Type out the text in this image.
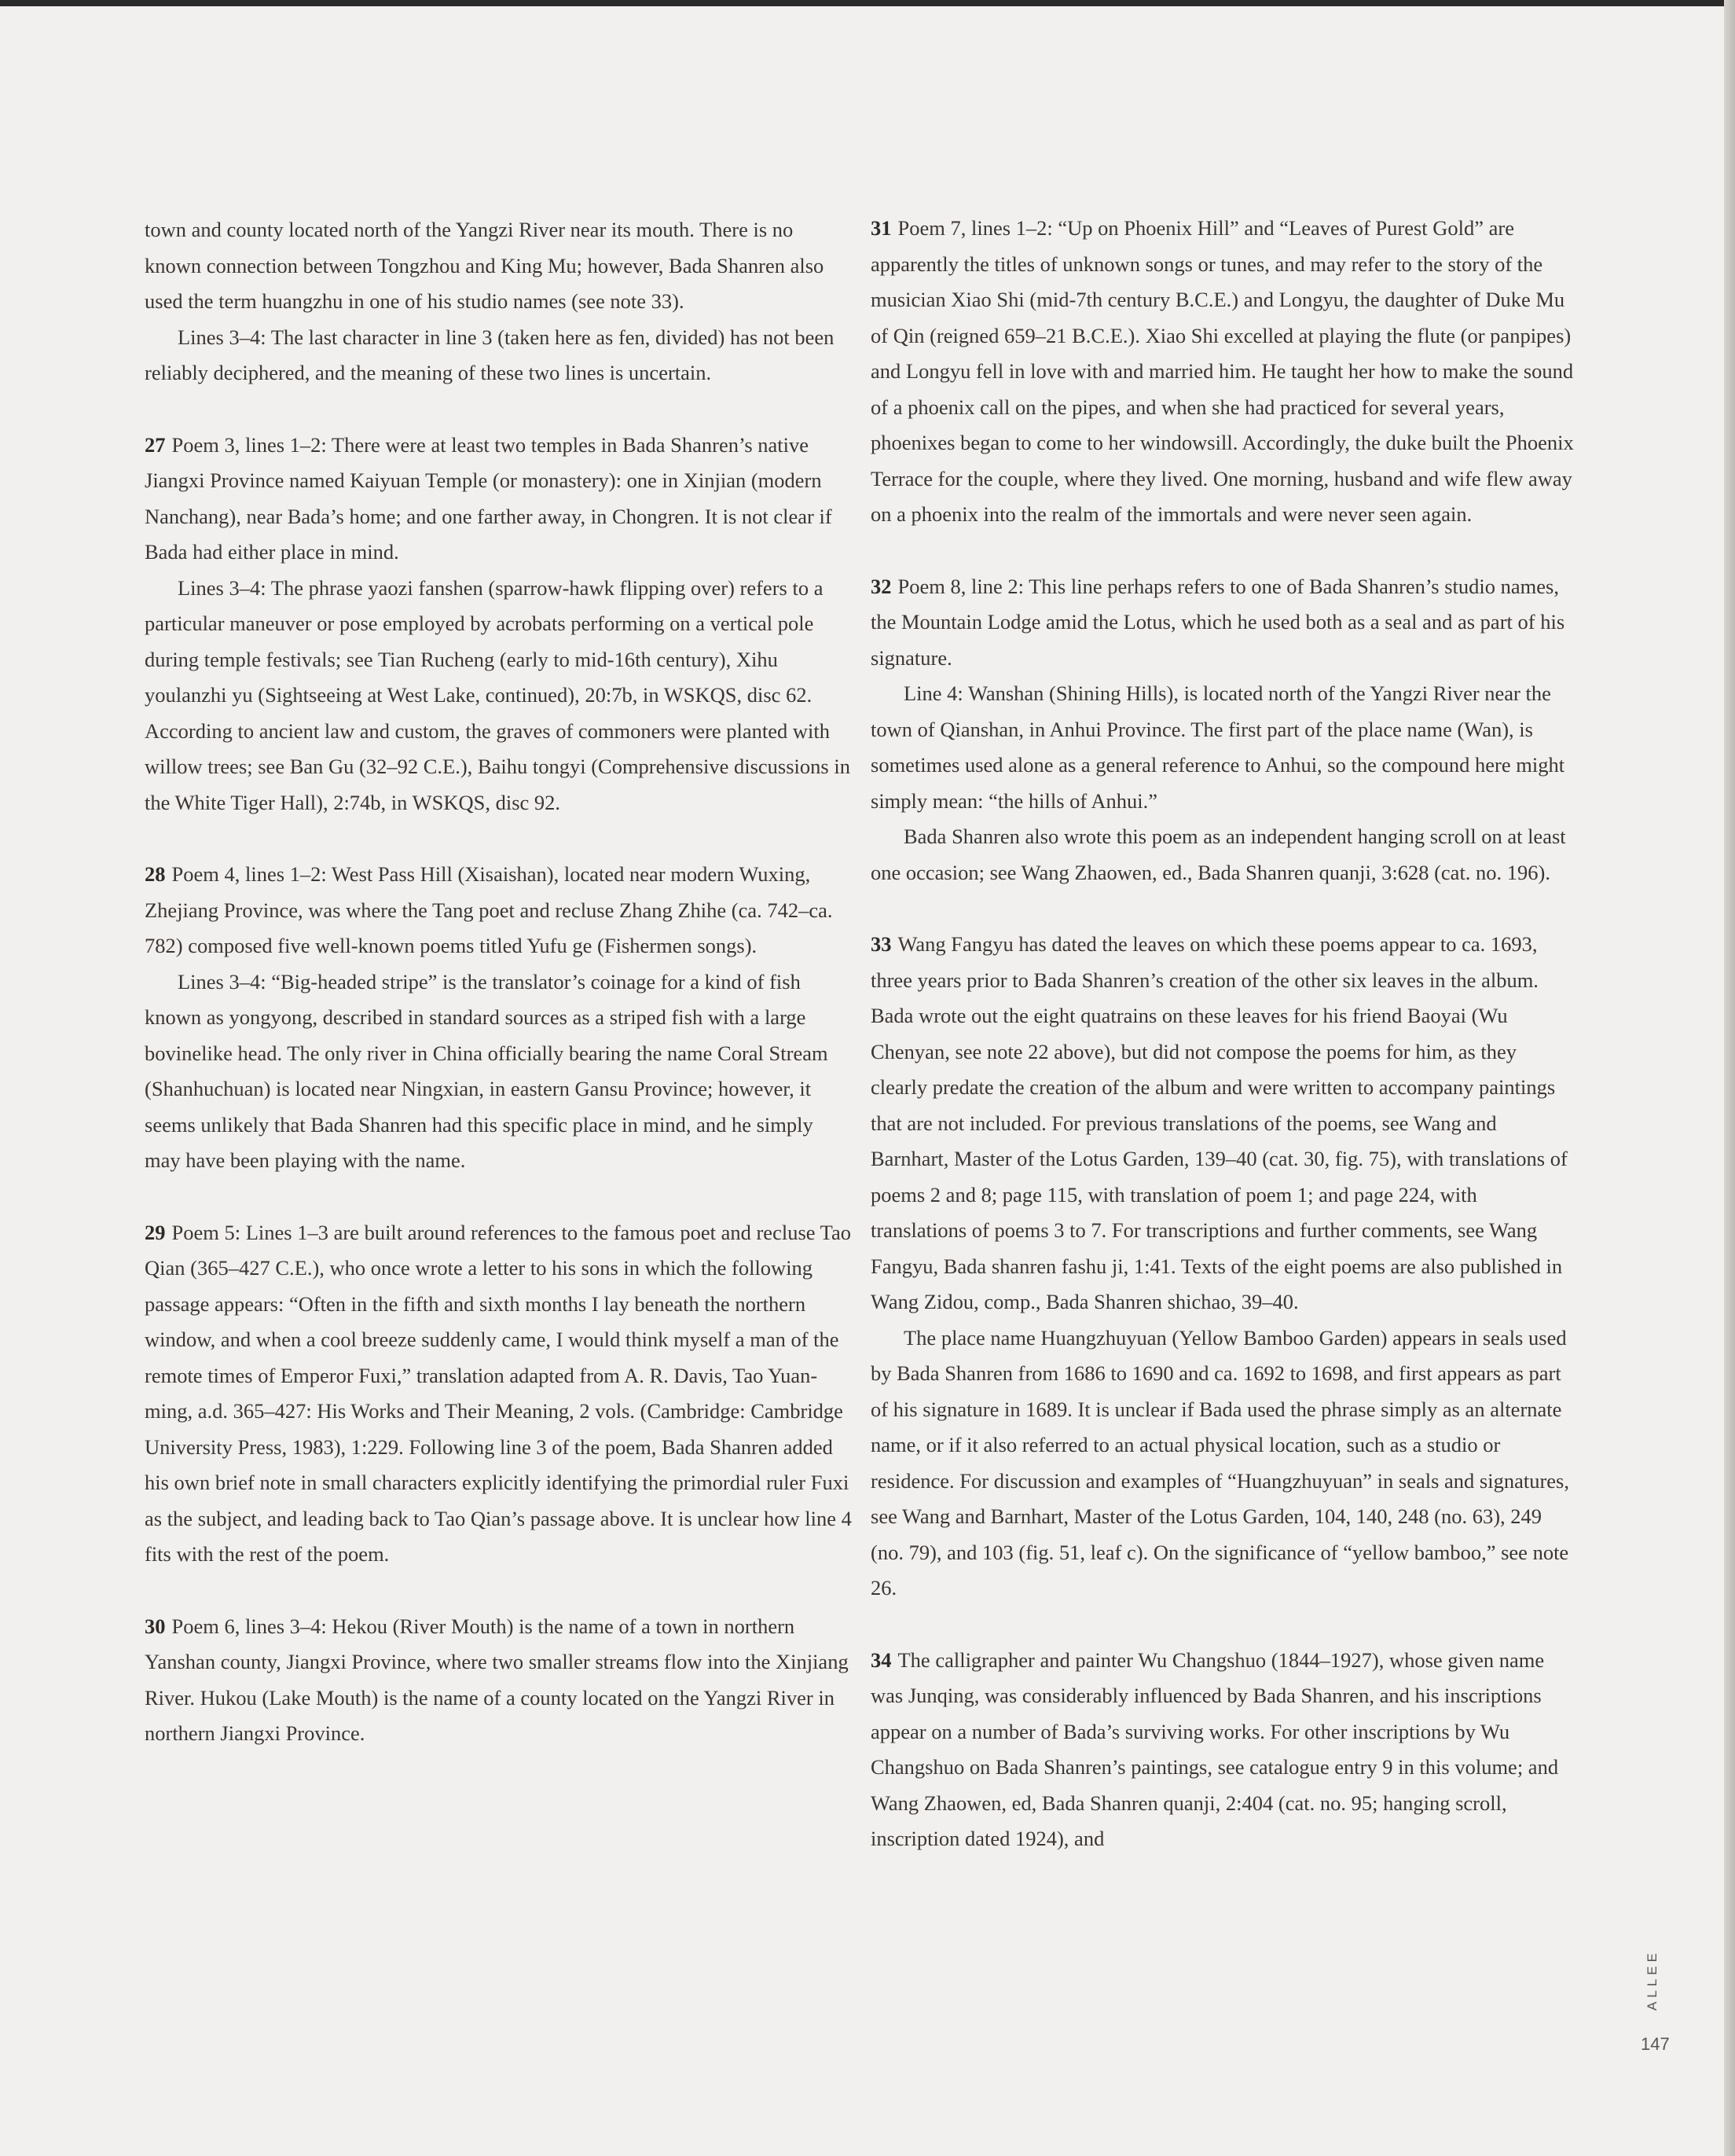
town and county located north of the Yangzi River near its mouth. There is no known connection between Tongzhou and King Mu; however, Bada Shanren also used the term huangzhu in one of his studio names (see note 33).

Lines 3–4: The last character in line 3 (taken here as fen, divided) has not been reliably deciphered, and the meaning of these two lines is uncertain.

27 Poem 3, lines 1–2: There were at least two temples in Bada Shanren’s native Jiangxi Province named Kaiyuan Temple (or monastery): one in Xinjian (modern Nanchang), near Bada’s home; and one farther away, in Chongren. It is not clear if Bada had either place in mind.

Lines 3–4: The phrase yaozi fanshen (sparrow-hawk flipping over) refers to a particular maneuver or pose employed by acrobats performing on a vertical pole during temple festivals; see Tian Rucheng (early to mid-16th century), Xihu youlanzhi yu (Sightseeing at West Lake, continued), 20:7b, in WSKQS, disc 62. According to ancient law and custom, the graves of commoners were planted with willow trees; see Ban Gu (32–92 C.E.), Baihu tongyi (Comprehensive discussions in the White Tiger Hall), 2:74b, in WSKQS, disc 92.

28 Poem 4, lines 1–2: West Pass Hill (Xisaishan), located near modern Wuxing, Zhejiang Province, was where the Tang poet and recluse Zhang Zhihe (ca. 742–ca. 782) composed five well-known poems titled Yufu ge (Fishermen songs).

Lines 3–4: “Big-headed stripe” is the translator’s coinage for a kind of fish known as yongyong, described in standard sources as a striped fish with a large bovinelike head. The only river in China officially bearing the name Coral Stream (Shanhuchuan) is located near Ningxian, in eastern Gansu Province; however, it seems unlikely that Bada Shanren had this specific place in mind, and he simply may have been playing with the name.

29 Poem 5: Lines 1–3 are built around references to the famous poet and recluse Tao Qian (365–427 C.E.), who once wrote a letter to his sons in which the following passage appears: “Often in the fifth and sixth months I lay beneath the northern window, and when a cool breeze suddenly came, I would think myself a man of the remote times of Emperor Fuxi,” translation adapted from A. R. Davis, Tao Yuan-ming, a.d. 365–427: His Works and Their Meaning, 2 vols. (Cambridge: Cambridge University Press, 1983), 1:229. Following line 3 of the poem, Bada Shanren added his own brief note in small characters explicitly identifying the primordial ruler Fuxi as the subject, and leading back to Tao Qian’s passage above. It is unclear how line 4 fits with the rest of the poem.

30 Poem 6, lines 3–4: Hekou (River Mouth) is the name of a town in northern Yanshan county, Jiangxi Province, where two smaller streams flow into the Xinjiang River. Hukou (Lake Mouth) is the name of a county located on the Yangzi River in northern Jiangxi Province.

31 Poem 7, lines 1–2: “Up on Phoenix Hill” and “Leaves of Purest Gold” are apparently the titles of unknown songs or tunes, and may refer to the story of the musician Xiao Shi (mid-7th century B.C.E.) and Longyu, the daughter of Duke Mu of Qin (reigned 659–21 B.C.E.). Xiao Shi excelled at playing the flute (or panpipes) and Longyu fell in love with and married him. He taught her how to make the sound of a phoenix call on the pipes, and when she had practiced for several years, phoenixes began to come to her windowsill. Accordingly, the duke built the Phoenix Terrace for the couple, where they lived. One morning, husband and wife flew away on a phoenix into the realm of the immortals and were never seen again.

32 Poem 8, line 2: This line perhaps refers to one of Bada Shanren’s studio names, the Mountain Lodge amid the Lotus, which he used both as a seal and as part of his signature.

Line 4: Wanshan (Shining Hills), is located north of the Yangzi River near the town of Qianshan, in Anhui Province. The first part of the place name (Wan), is sometimes used alone as a general reference to Anhui, so the compound here might simply mean: “the hills of Anhui.”

Bada Shanren also wrote this poem as an independent hanging scroll on at least one occasion; see Wang Zhaowen, ed., Bada Shanren quanji, 3:628 (cat. no. 196).

33 Wang Fangyu has dated the leaves on which these poems appear to ca. 1693, three years prior to Bada Shanren’s creation of the other six leaves in the album. Bada wrote out the eight quatrains on these leaves for his friend Baoyai (Wu Chenyan, see note 22 above), but did not compose the poems for him, as they clearly predate the creation of the album and were written to accompany paintings that are not included. For previous translations of the poems, see Wang and Barnhart, Master of the Lotus Garden, 139–40 (cat. 30, fig. 75), with translations of poems 2 and 8; page 115, with translation of poem 1; and page 224, with translations of poems 3 to 7. For transcriptions and further comments, see Wang Fangyu, Bada shanren fashu ji, 1:41. Texts of the eight poems are also published in Wang Zidou, comp., Bada Shanren shichao, 39–40.

The place name Huangzhuyuan (Yellow Bamboo Garden) appears in seals used by Bada Shanren from 1686 to 1690 and ca. 1692 to 1698, and first appears as part of his signature in 1689. It is unclear if Bada used the phrase simply as an alternate name, or if it also referred to an actual physical location, such as a studio or residence. For discussion and examples of “Huangzhuyuan” in seals and signatures, see Wang and Barnhart, Master of the Lotus Garden, 104, 140, 248 (no. 63), 249 (no. 79), and 103 (fig. 51, leaf c). On the significance of “yellow bamboo,” see note 26.

34 The calligrapher and painter Wu Changshuo (1844–1927), whose given name was Junqing, was considerably influenced by Bada Shanren, and his inscriptions appear on a number of Bada’s surviving works. For other inscriptions by Wu Changshuo on Bada Shanren’s paintings, see catalogue entry 9 in this volume; and Wang Zhaowen, ed, Bada Shanren quanji, 2:404 (cat. no. 95; hanging scroll, inscription dated 1924), and

ALLEE
147
